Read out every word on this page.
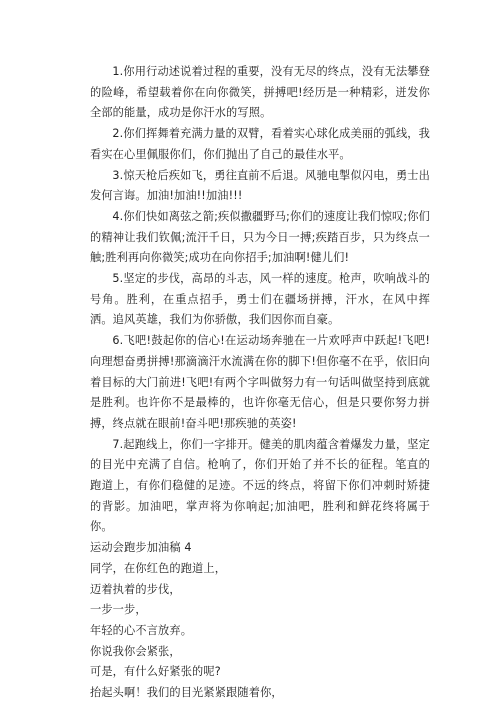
1.你用行动述说着过程的重要，没有无尽的终点，没有无法攀登的险峰，希望载着你在向你微笑，拼搏吧!经历是一种精彩，迸发你全部的能量，成功是你汗水的写照。

2.你们挥舞着充满力量的双臂，看着实心球化成美丽的弧线，我看实在心里佩服你们，你们抛出了自己的最佳水平。

3.惊天枪后疾如飞，勇往直前不后退。风驰电掣似闪电，勇士出发何言诲。加油!加油!!加油!!!

4.你们快如离弦之箭;疾似撒疆野马;你们的速度让我们惊叹;你们的精神让我们钦佩;流汗千日，只为今日一搏;疾踏百步，只为终点一触;胜利再向你微笑;成功在向你招手;加油啊!健儿们!

5.坚定的步伐，高昂的斗志，风一样的速度。枪声，吹响战斗的号角。胜利，在重点招手，勇士们在疆场拼搏，汗水，在风中挥洒。追风英雄，我们为你骄傲，我们因你而自豪。

6.飞吧!鼓起你的信心!在运动场奔驰在一片欢呼声中跃起!飞吧!向理想奋勇拼搏!那滴滴汗水流满在你的脚下!但你毫不在乎，依旧向着目标的大门前进!飞吧!有两个字叫做努力有一句话叫做坚持到底就是胜利。也许你不是最棒的，也许你毫无信心，但是只要你努力拼搏，终点就在眼前!奋斗吧!那疾驰的英姿!

7.起跑线上，你们一字排开。健美的肌肉蕴含着爆发力量，坚定的目光中充满了自信。枪响了，你们开始了并不长的征程。笔直的跑道上，有你们稳健的足迹。不远的终点，将留下你们冲刺时矫捷的背影。加油吧，掌声将为你响起;加油吧，胜利和鲜花终将属于你。

运动会跑步加油稿 4

同学，在你红色的跑道上，

迈着执着的步伐，

一步一步，

年轻的心不言放弃。

你说我你会紧张，

可是，有什么好紧张的呢?

抬起头啊！我们的目光紧紧跟随着你，
